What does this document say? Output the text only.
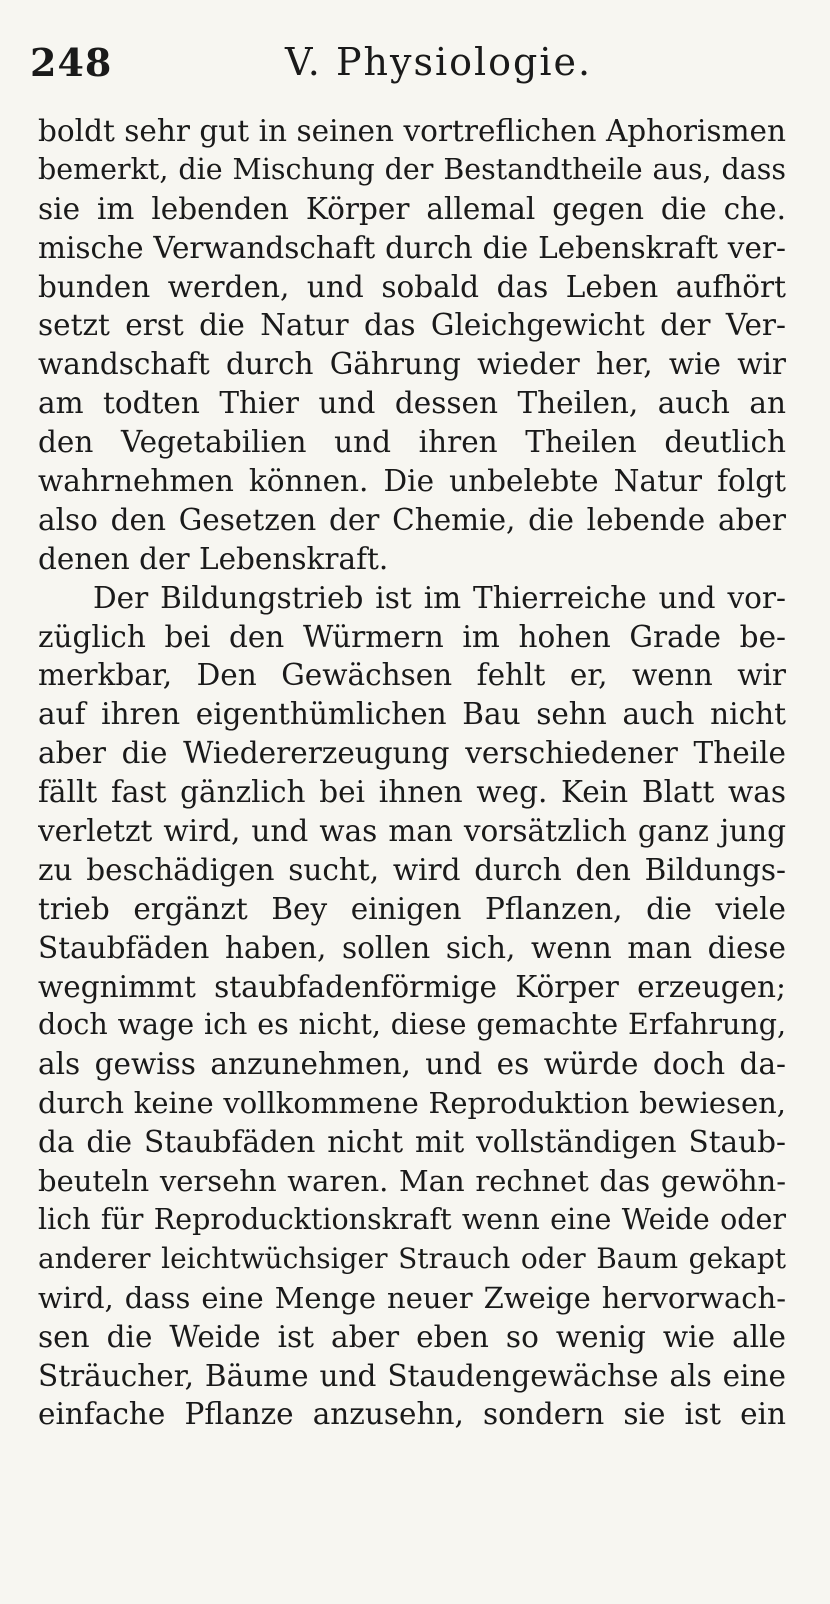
248	V. Physiologie.
boldt sehr gut in seinen vortreflichen Aphorismen
bemerkt, die Mischung der Bestandtheile aus, dass
sie im lebenden Körper allemal gegen die che.
mische Verwandschaft durch die Lebenskraft ver-
bunden werden, und sobald das Leben aufhört
setzt erst die Natur das Gleichgewicht der Ver-
wandschaft durch Gährung wieder her, wie wir
am todten Thier und dessen Theilen, auch an
den Vegetabilien und ihren Theilen deutlich
wahrnehmen können. Die unbelebte Natur folgt
also den Gesetzen der Chemie, die lebende aber
denen der Lebenskraft.
Der Bildungstrieb ist im Thierreiche und vor-
züglich bei den Würmern im hohen Grade be-
merkbar, Den Gewächsen fehlt er, wenn wir
auf ihren eigenthümlichen Bau sehn auch nicht
aber die Wiedererzeugung verschiedener Theile
fällt fast gänzlich bei ihnen weg. Kein Blatt was
verletzt wird, und was man vorsätzlich ganz jung
zu beschädigen sucht, wird durch den Bildungs-
trieb ergänzt Bey einigen Pflanzen, die viele
Staubfäden haben, sollen sich, wenn man diese
wegnimmt staubfadenförmige Körper erzeugen;
doch wage ich es nicht, diese gemachte Erfahrung,
als gewiss anzunehmen, und es würde doch da-
durch keine vollkommene Reproduktion bewiesen,
da die Staubfäden nicht mit vollständigen Staub-
beuteln versehn waren. Man rechnet das gewöhn-
lich für Reproducktionskraft wenn eine Weide oder
anderer leichtwüchsiger Strauch oder Baum gekapt
wird, dass eine Menge neuer Zweige hervorwach-
sen die Weide ist aber eben so wenig wie alle
Sträucher, Bäume und Staudengewächse als eine
einfache Pflanze anzusehn, sondern sie ist ein
